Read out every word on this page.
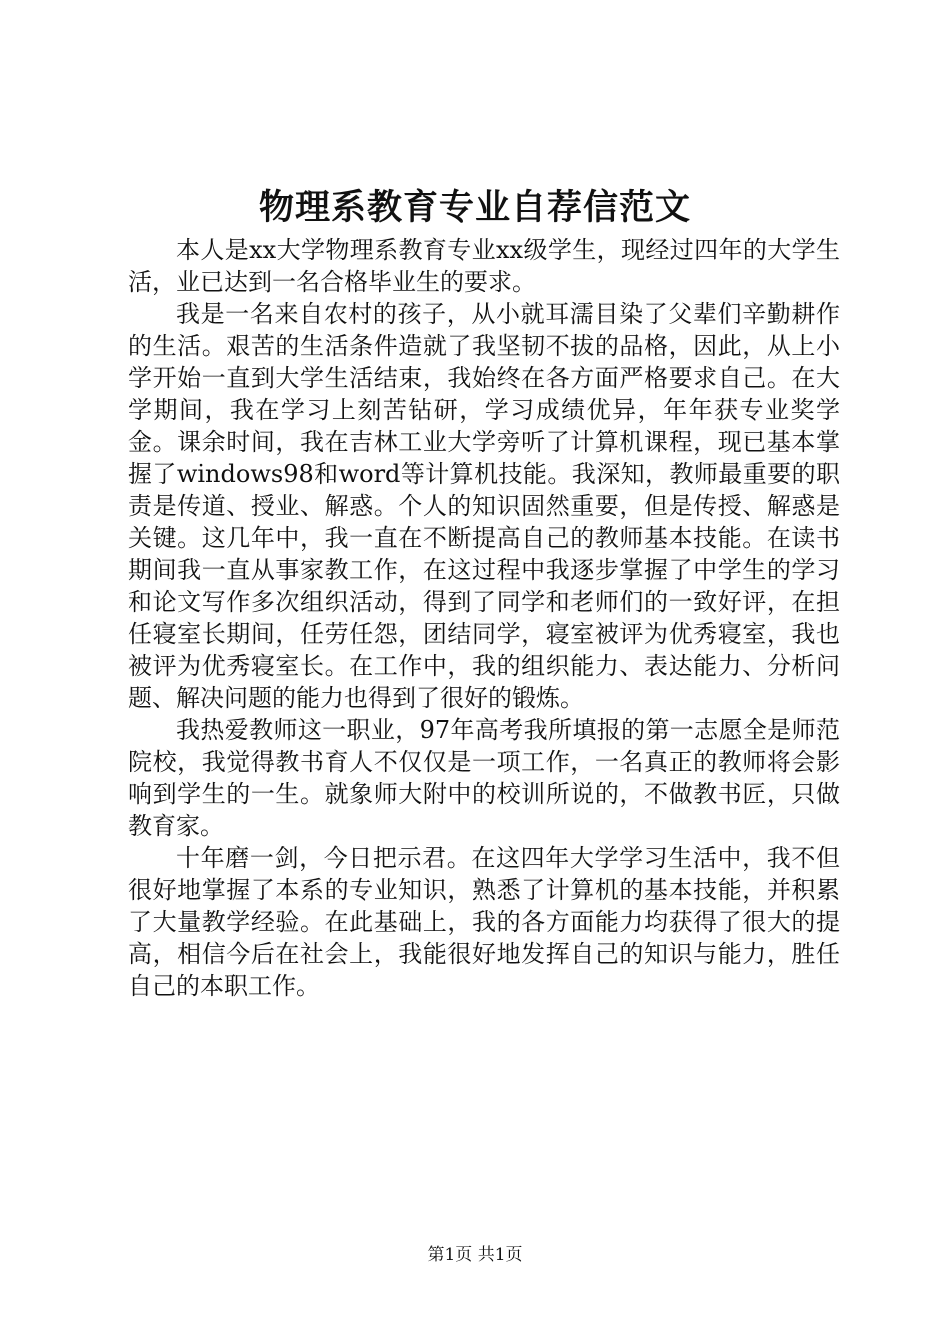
物理系教育专业自荐信范文

本人是xx大学物理系教育专业xx级学生，现经过四年的大学生活，业已达到一名合格毕业生的要求。

我是一名来自农村的孩子，从小就耳濡目染了父辈们辛勤耕作的生活。艰苦的生活条件造就了我坚韧不拔的品格，因此，从上小学开始一直到大学生活结束，我始终在各方面严格要求自己。在大学期间，我在学习上刻苦钻研，学习成绩优异，年年获专业奖学金。课余时间，我在吉林工业大学旁听了计算机课程，现已基本掌握了windows98和word等计算机技能。我深知，教师最重要的职责是传道、授业、解惑。个人的知识固然重要，但是传授、解惑是关键。这几年中，我一直在不断提高自己的教师基本技能。在读书期间我一直从事家教工作，在这过程中我逐步掌握了中学生的学习和论文写作多次组织活动，得到了同学和老师们的一致好评，在担任寝室长期间，任劳任怨，团结同学，寝室被评为优秀寝室，我也被评为优秀寝室长。在工作中，我的组织能力、表达能力、分析问题、解决问题的能力也得到了很好的锻炼。

我热爱教师这一职业，97年高考我所填报的第一志愿全是师范院校，我觉得教书育人不仅仅是一项工作，一名真正的教师将会影响到学生的一生。就象师大附中的校训所说的，不做教书匠，只做教育家。

十年磨一剑，今日把示君。在这四年大学学习生活中，我不但很好地掌握了本系的专业知识，熟悉了计算机的基本技能，并积累了大量教学经验。在此基础上，我的各方面能力均获得了很大的提高，相信今后在社会上，我能很好地发挥自己的知识与能力，胜任自己的本职工作。

第1页 共1页
